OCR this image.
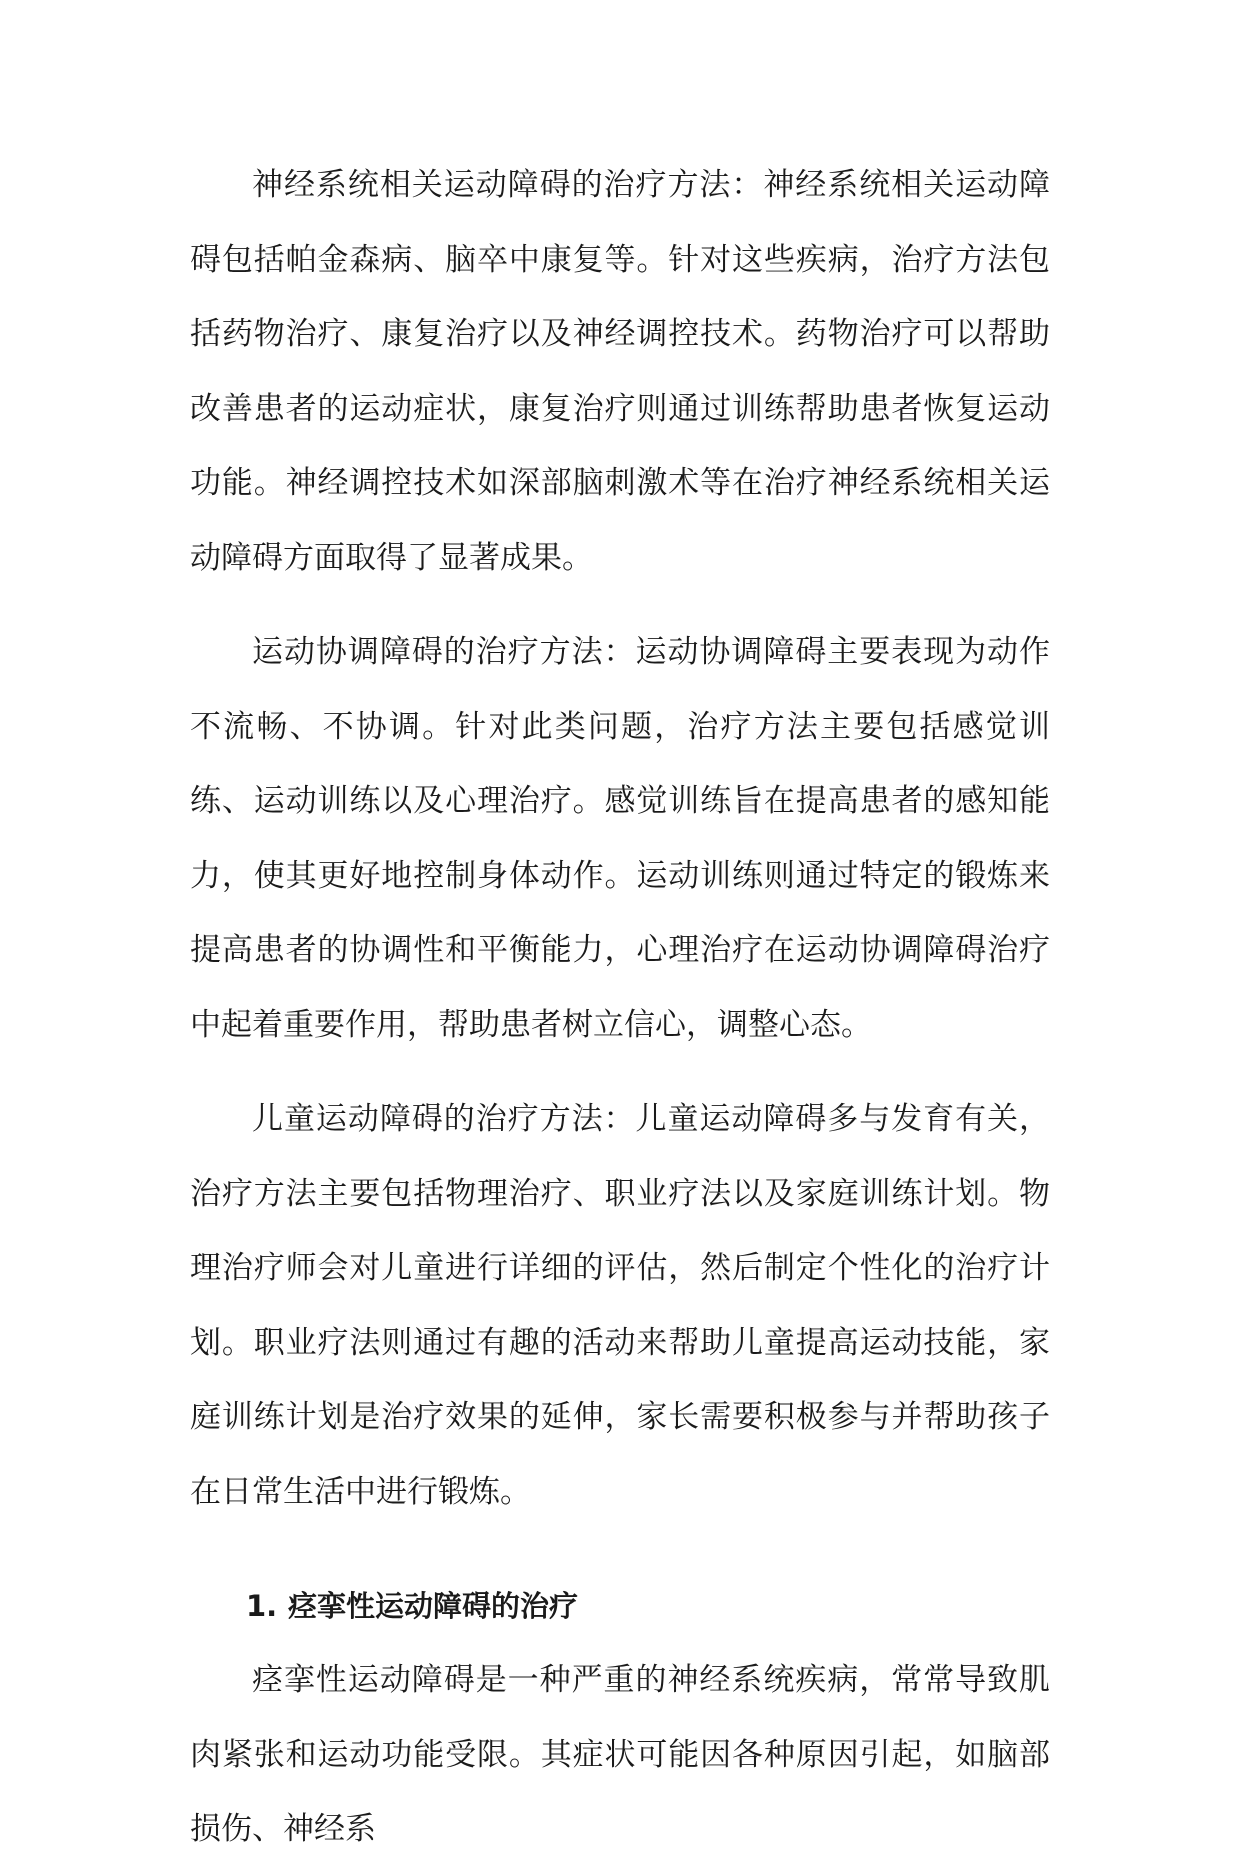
神经系统相关运动障碍的治疗方法：神经系统相关运动障碍包括帕金森病、脑卒中康复等。针对这些疾病，治疗方法包括药物治疗、康复治疗以及神经调控技术。药物治疗可以帮助改善患者的运动症状，康复治疗则通过训练帮助患者恢复运动功能。神经调控技术如深部脑刺激术等在治疗神经系统相关运动障碍方面取得了显著成果。

运动协调障碍的治疗方法：运动协调障碍主要表现为动作不流畅、不协调。针对此类问题，治疗方法主要包括感觉训练、运动训练以及心理治疗。感觉训练旨在提高患者的感知能力，使其更好地控制身体动作。运动训练则通过特定的锻炼来提高患者的协调性和平衡能力，心理治疗在运动协调障碍治疗中起着重要作用，帮助患者树立信心，调整心态。

儿童运动障碍的治疗方法：儿童运动障碍多与发育有关，治疗方法主要包括物理治疗、职业疗法以及家庭训练计划。物理治疗师会对儿童进行详细的评估，然后制定个性化的治疗计划。职业疗法则通过有趣的活动来帮助儿童提高运动技能，家庭训练计划是治疗效果的延伸，家长需要积极参与并帮助孩子在日常生活中进行锻炼。

1. 痉挛性运动障碍的治疗

痉挛性运动障碍是一种严重的神经系统疾病，常常导致肌肉紧张和运动功能受限。其症状可能因各种原因引起，如脑部损伤、神经系
